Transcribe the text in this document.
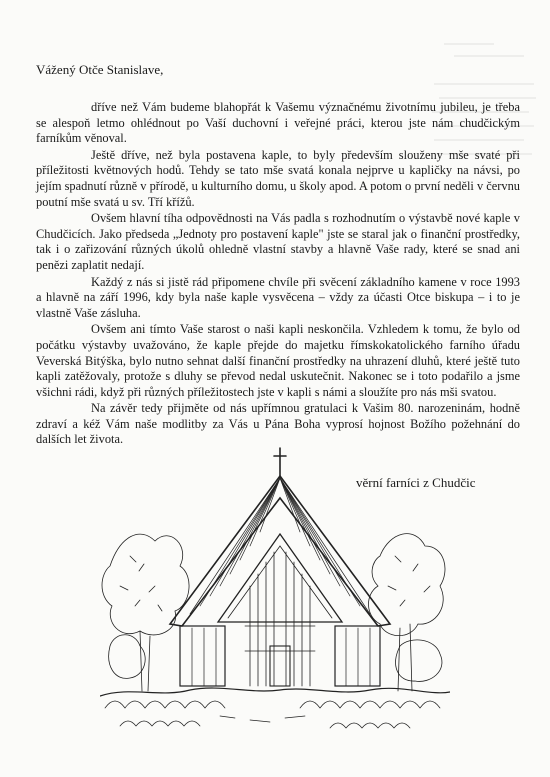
Vážený Otče Stanislave,

dříve než Vám budeme blahopřát k Vašemu význačnému životnímu jubileu, je třeba se alespoň letmo ohlédnout po Vaší duchovní i veřejné práci, kterou jste nám chudčickým farníkům věnoval.

Ještě dříve, než byla postavena kaple, to byly především slouženy mše svaté při příležitosti květnových hodů. Tehdy se tato mše svatá konala nejprve u kapličky na návsi, po jejím spadnutí různě v přírodě, u kulturního domu, u školy apod. A potom o první neděli v červnu poutní mše svatá u sv. Tří křížů.

Ovšem hlavní tíha odpovědnosti na Vás padla s rozhodnutím o výstavbě nové kaple v Chudčicích. Jako předseda „Jednoty pro postavení kaple" jste se staral jak o finanční prostředky, tak i o zařizování různých úkolů ohledně vlastní stavby a hlavně Vaše rady, které se snad ani penězi zaplatit nedají.

Každý z nás si jistě rád připomene chvíle při svěcení základního kamene v roce 1993 a hlavně na září 1996, kdy byla naše kaple vysvěcena – vždy za účasti Otce biskupa – i to je vlastně Vaše zásluha.

Ovšem ani tímto Vaše starost o naši kapli neskončila. Vzhledem k tomu, že bylo od počátku výstavby uvažováno, že kaple přejde do majetku římskokatolického farního úřadu Veverská Bitýška, bylo nutno sehnat další finanční prostředky na uhrazení dluhů, které ještě tuto kapli zatěžovaly, protože s dluhy se převod nedal uskutečnit. Nakonec se i toto podařilo a jsme všichni rádi, když při různých příležitostech jste v kapli s námi a sloužíte pro nás mši svatou.

Na závěr tedy přijměte od nás upřímnou gratulaci k Vašim 80. narozeninám, hodně zdraví a kéž Vám naše modlitby za Vás u Pána Boha vyprosí hojnost Božího požehnání do dalších let života.

věrní farníci z Chudčic
